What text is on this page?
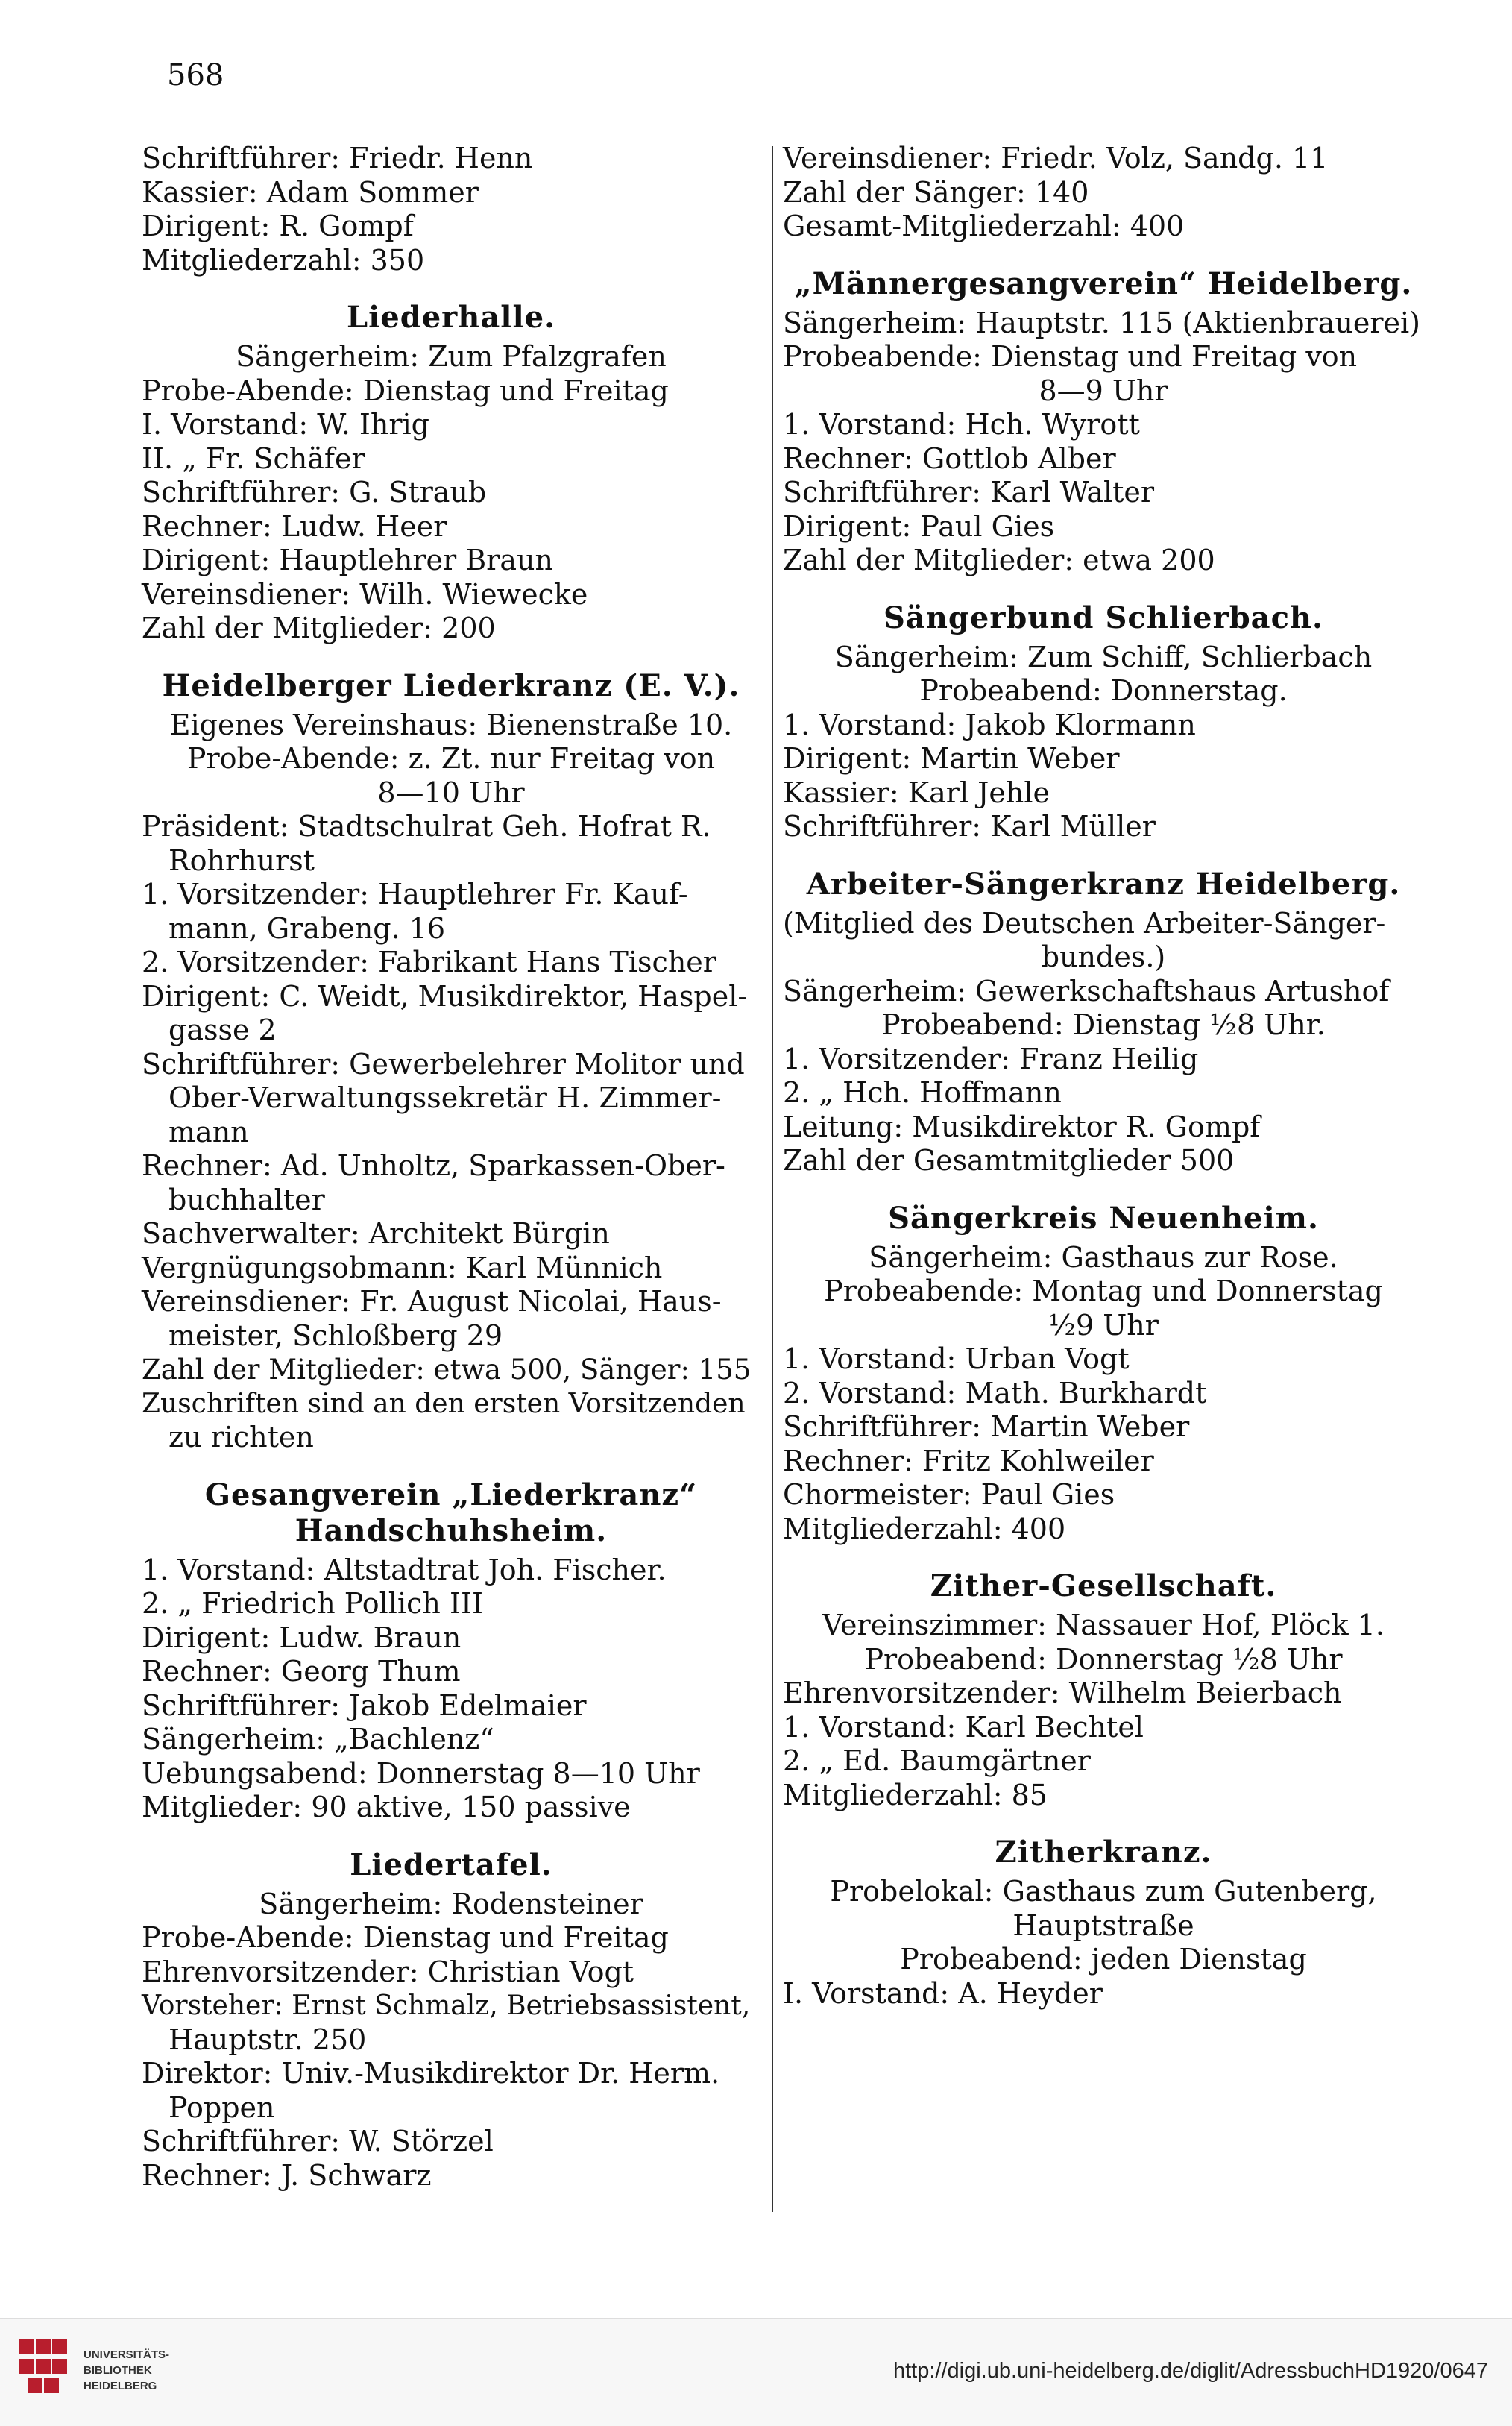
568
Schriftführer: Friedr. Henn
Kassier: Adam Sommer
Dirigent: R. Gompf
Mitgliederzahl: 350
Liederhalle.
Sängerheim: Zum Pfalzgrafen
Probe-Abende: Dienstag und Freitag
I. Vorstand: W. Ihrig
II. „ Fr. Schäfer
Schriftführer: G. Straub
Rechner: Ludw. Heer
Dirigent: Hauptlehrer Braun
Vereinsdiener: Wilh. Wiewecke
Zahl der Mitglieder: 200
Heidelberger Liederkranz (E. V.).
Eigenes Vereinshaus: Bienenstraße 10.
Probe-Abende: z. Zt. nur Freitag von
8—10 Uhr
Präsident: Stadtschulrat Geh. Hofrat R.
Rohrhurst
1. Vorsitzender: Hauptlehrer Fr. Kauf-
mann, Grabeng. 16
2. Vorsitzender: Fabrikant Hans Tischer
Dirigent: C. Weidt, Musikdirektor, Haspel-
gasse 2
Schriftführer: Gewerbelehrer Molitor und
Ober-Verwaltungssekretär H. Zimmer-
mann
Rechner: Ad. Unholtz, Sparkassen-Ober-
buchhalter
Sachverwalter: Architekt Bürgin
Vergnügungsobmann: Karl Münnich
Vereinsdiener: Fr. August Nicolai, Haus-
meister, Schloßberg 29
Zahl der Mitglieder: etwa 500, Sänger: 155
Zuschriften sind an den ersten Vorsitzenden
zu richten
Gesangverein „Liederkranz“ Handschuhsheim.
1. Vorstand: Altstadtrat Joh. Fischer.
2. „ Friedrich Pollich III
Dirigent: Ludw. Braun
Rechner: Georg Thum
Schriftführer: Jakob Edelmaier
Sängerheim: „Bachlenz“
Uebungsabend: Donnerstag 8—10 Uhr
Mitglieder: 90 aktive, 150 passive
Liedertafel.
Sängerheim: Rodensteiner
Probe-Abende: Dienstag und Freitag
Ehrenvorsitzender: Christian Vogt
Vorsteher: Ernst Schmalz, Betriebsassistent,
Hauptstr. 250
Direktor: Univ.-Musikdirektor Dr. Herm.
Poppen
Schriftführer: W. Störzel
Rechner: J. Schwarz
Vereinsdiener: Friedr. Volz, Sandg. 11
Zahl der Sänger: 140
Gesamt-Mitgliederzahl: 400
„Männergesangverein“ Heidelberg.
Sängerheim: Hauptstr. 115 (Aktienbrauerei)
Probeabende: Dienstag und Freitag von
8—9 Uhr
1. Vorstand: Hch. Wyrott
Rechner: Gottlob Alber
Schriftführer: Karl Walter
Dirigent: Paul Gies
Zahl der Mitglieder: etwa 200
Sängerbund Schlierbach.
Sängerheim: Zum Schiff, Schlierbach
Probeabend: Donnerstag.
1. Vorstand: Jakob Klormann
Dirigent: Martin Weber
Kassier: Karl Jehle
Schriftführer: Karl Müller
Arbeiter-Sängerkranz Heidelberg.
(Mitglied des Deutschen Arbeiter-Sänger-
bundes.)
Sängerheim: Gewerkschaftshaus Artushof
Probeabend: Dienstag ½8 Uhr.
1. Vorsitzender: Franz Heilig
2. „ Hch. Hoffmann
Leitung: Musikdirektor R. Gompf
Zahl der Gesamtmitglieder 500
Sängerkreis Neuenheim.
Sängerheim: Gasthaus zur Rose.
Probeabende: Montag und Donnerstag
½9 Uhr
1. Vorstand: Urban Vogt
2. Vorstand: Math. Burkhardt
Schriftführer: Martin Weber
Rechner: Fritz Kohlweiler
Chormeister: Paul Gies
Mitgliederzahl: 400
Zither-Gesellschaft.
Vereinszimmer: Nassauer Hof, Plöck 1.
Probeabend: Donnerstag ½8 Uhr
Ehrenvorsitzender: Wilhelm Beierbach
1. Vorstand: Karl Bechtel
2. „ Ed. Baumgärtner
Mitgliederzahl: 85
Zitherkranz.
Probelokal: Gasthaus zum Gutenberg,
Hauptstraße
Probeabend: jeden Dienstag
I. Vorstand: A. Heyder
UNIVERSITÄTS-
BIBLIOTHEK
HEIDELBERG
http://digi.ub.uni-heidelberg.de/diglit/AdressbuchHD1920/0647
